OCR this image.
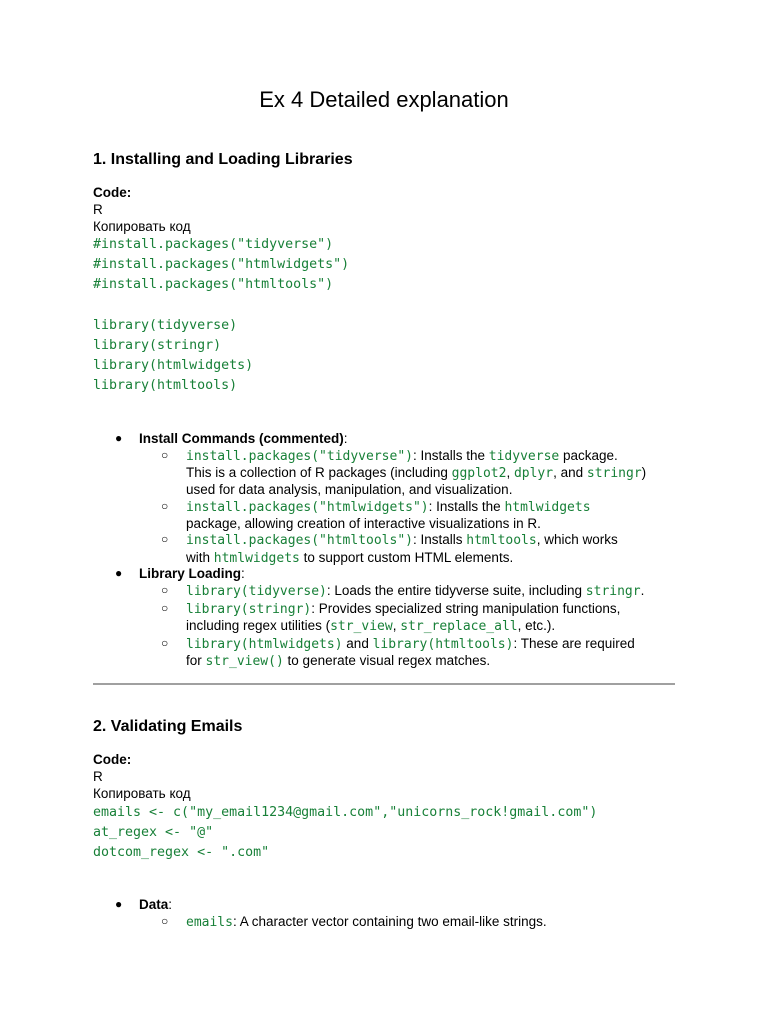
Ex 4 Detailed explanation
1. Installing and Loading Libraries
Code:
R
Копировать код
#install.packages("tidyverse")
#install.packages("htmlwidgets")
#install.packages("htmltools")

library(tidyverse)
library(stringr)
library(htmlwidgets)
library(htmltools)
● Install Commands (commented):
○ install.packages("tidyverse"): Installs the tidyverse package.
This is a collection of R packages (including ggplot2, dplyr, and stringr)
used for data analysis, manipulation, and visualization.
○ install.packages("htmlwidgets"): Installs the htmlwidgets
package, allowing creation of interactive visualizations in R.
○ install.packages("htmltools"): Installs htmltools, which works
with htmlwidgets to support custom HTML elements.
● Library Loading:
○ library(tidyverse): Loads the entire tidyverse suite, including stringr.
○ library(stringr): Provides specialized string manipulation functions,
including regex utilities (str_view, str_replace_all, etc.).
○ library(htmlwidgets) and library(htmltools): These are required
for str_view() to generate visual regex matches.
2. Validating Emails
Code:
R
Копировать код
emails <- c("my_email1234@gmail.com","unicorns_rock!gmail.com")
at_regex <- "@"
dotcom_regex <- ".com"
● Data:
○ emails: A character vector containing two email-like strings.
